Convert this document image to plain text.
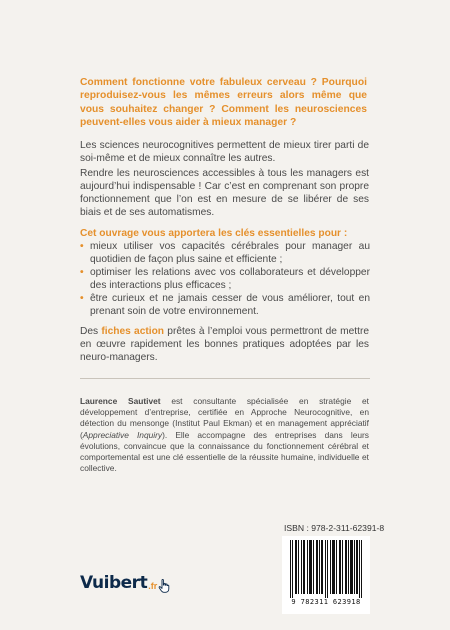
Comment fonctionne votre fabuleux cerveau ? Pourquoi reproduisez-vous les mêmes erreurs alors même que vous souhaitez changer ? Comment les neurosciences peuvent-elles vous aider à mieux manager ?

Les sciences neurocognitives permettent de mieux tirer parti de soi-même et de mieux connaître les autres.

Rendre les neurosciences accessibles à tous les managers est aujourd’hui indispensable ! Car c’est en comprenant son propre fonctionnement que l’on est en mesure de se libérer de ses biais et de ses automatismes.

Cet ouvrage vous apportera les clés essentielles pour :

• mieux utiliser vos capacités cérébrales pour manager au quotidien de façon plus saine et efficiente ;
• optimiser les relations avec vos collaborateurs et développer des interactions plus efficaces ;
• être curieux et ne jamais cesser de vous améliorer, tout en prenant soin de votre environnement.

Des fiches action prêtes à l’emploi vous permettront de mettre en œuvre rapidement les bonnes pratiques adoptées par les neuro-managers.

Laurence Sautivet est consultante spécialisée en stratégie et développement d’entreprise, certifiée en Approche Neurocognitive, en détection du mensonge (Institut Paul Ekman) et en management appréciatif (Appreciative Inquiry). Elle accompagne des entreprises dans leurs évolutions, convaincue que la connaissance du fonctionnement cérébral et comportemental est une clé essentielle de la réussite humaine, individuelle et collective.

ISBN : 978-2-311-62391-8
9 782311 623918
Vuibert .fr
